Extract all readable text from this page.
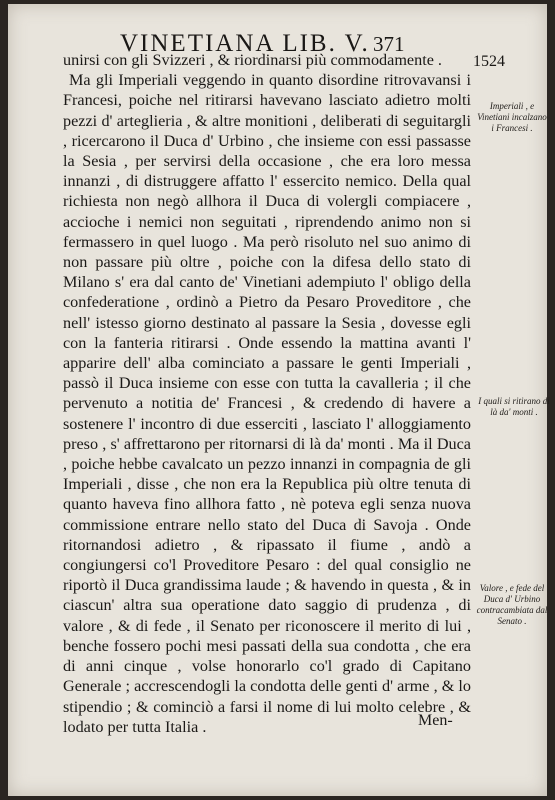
VINETIANA LIB. V. 371
1524

unirsi con gli Svizzeri , & riordinarsi più commodamente .

Ma gli Imperiali veggendo in quanto disordine ritrovavansi i Francesi, poiche nel ritirarsi havevano lasciato adietro molti pezzi d' arteglieria , & altre monitioni , deliberati di seguitargli , ricercarono il Duca d' Urbino , che insieme con essi passasse la Sesia , per servirsi della occasione , che era loro messa innanzi , di distruggere affatto l' essercito nemico. Della qual richiesta non negò allhora il Duca di volergli compiacere , accioche i nemici non seguitati , riprendendo animo non si fermassero in quel luogo . Ma però risoluto nel suo animo di non passare più oltre , poiche con la difesa dello stato di Milano s' era dal canto de' Vinetiani adempiuto l' obligo della confederatione , ordinò a Pietro da Pesaro Proveditore , che nell' istesso giorno destinato al passare la Sesia , dovesse egli con la fanteria ritirarsi . Onde essendo la mattina avanti l' apparire dell' alba cominciato a passare le genti Imperiali , passò il Duca insieme con esse con tutta la cavalleria ; il che pervenuto a notitia de' Francesi , & credendo di havere a sostenere l' incontro di due esserciti , lasciato l' alloggiamento preso , s' affrettarono per ritornarsi di là da' monti . Ma il Duca , poiche hebbe cavalcato un pezzo innanzi in compagnia de gli Imperiali , disse , che non era la Republica più oltre tenuta di quanto haveva fino allhora fatto , nè poteva egli senza nuova commissione entrare nello stato del Duca di Savoja . Onde ritornandosi adietro , & ripassato il fiume , andò a congiungersi co'l Proveditore Pesaro : del qual consiglio ne riportò il Duca grandissima laude ; & havendo in questa , & in ciascun' altra sua operatione dato saggio di prudenza , di valore , & di fede , il Senato per riconoscere il merito di lui , benche fossero pochi mesi passati della sua condotta , che era di anni cinque , volse honorarlo co'l grado di Capitano Generale ; accrescendogli la condotta delle genti d' arme , & lo stipendio ; & cominciò a farsi il nome di lui molto celebre , & lodato per tutta Italia .	Men-
Imperiali , e Vinetiani incalzano i Francesi .
I quali si ritirano di là da' monti .
Valore , e fede del Duca d' Urbino contracambiata dal Senato .
